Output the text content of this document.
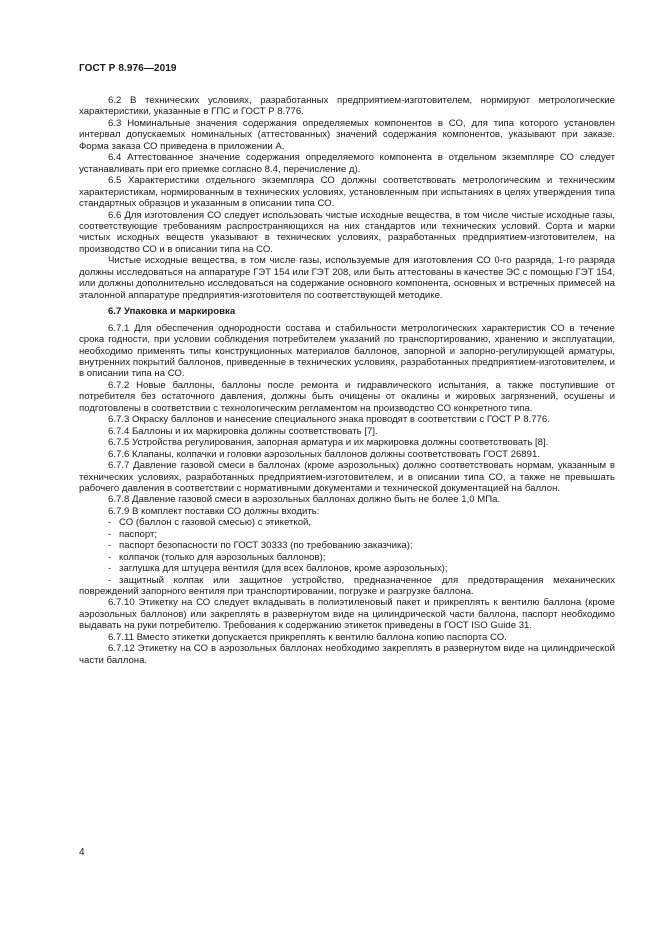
ГОСТ Р 8.976—2019

6.2 В технических условиях, разработанных предприятием-изготовителем, нормируют метрологические характеристики, указанные в ГПС и ГОСТ Р 8.776.

6.3 Номинальные значения содержания определяемых компонентов в СО, для типа которого установлен интервал допускаемых номинальных (аттестованных) значений содержания компонентов, указывают при заказе. Форма заказа СО приведена в приложении А.

6.4 Аттестованное значение содержания определяемого компонента в отдельном экземпляре СО следует устанавливать при его приемке согласно 8.4, перечисление д).

6.5 Характеристики отдельного экземпляра СО должны соответствовать метрологическим и техническим характеристикам, нормированным в технических условиях, установленным при испытаниях в целях утверждения типа стандартных образцов и указанным в описании типа СО.

6.6 Для изготовления СО следует использовать чистые исходные вещества, в том числе чистые исходные газы, соответствующие требованиям распространяющихся на них стандартов или технических условий. Сорта и марки чистых исходных веществ указывают в технических условиях, разработанных предприятием-изготовителем, на производство СО и в описании типа на СО.

Чистые исходные вещества, в том числе газы, используемые для изготовления СО 0-го разряда, 1-го разряда должны исследоваться на аппаратуре ГЭТ 154 или ГЭТ 208, или быть аттестованы в качестве ЭС с помощью ГЭТ 154, или должны дополнительно исследоваться на содержание основного компонента, основных и встречных примесей на эталонной аппаратуре предприятия-изготовителя по соответствующей методике.

6.7 Упаковка и маркировка

6.7.1 Для обеспечения однородности состава и стабильности метрологических характеристик СО в течение срока годности, при условии соблюдения потребителем указаний по транспортированию, хранению и эксплуатации, необходимо применять типы конструкционных материалов баллонов, запорной и запорно-регулирующей арматуры, внутренних покрытий баллонов, приведенные в технических условиях, разработанных предприятием-изготовителем, и в описании типа на СО.

6.7.2 Новые баллоны, баллоны после ремонта и гидравлического испытания, а также поступившие от потребителя без остаточного давления, должны быть очищены от окалины и жировых загрязнений, осушены и подготовлены в соответствии с технологическим регламентом на производство СО конкретного типа.

6.7.3 Окраску баллонов и нанесение специального знака проводят в соответствии с ГОСТ Р 8.776.

6.7.4 Баллоны и их маркировка должны соответствовать [7].

6.7.5 Устройства регулирования, запорная арматура и их маркировка должны соответствовать [8].

6.7.6 Клапаны, колпачки и головки аэрозольных баллонов должны соответствовать ГОСТ 26891.

6.7.7 Давление газовой смеси в баллонах (кроме аэрозольных) должно соответствовать нормам, указанным в технических условиях, разработанных предприятием-изготовителем, и в описании типа СО, а также не превышать рабочего давления в соответствии с нормативными документами и технической документацией на баллон.

6.7.8 Давление газовой смеси в аэрозольных баллонах должно быть не более 1,0 МПа.

6.7.9 В комплект поставки СО должны входить:

- СО (баллон с газовой смесью) с этикеткой,
- паспорт;
- паспорт безопасности по ГОСТ 30333 (по требованию заказчика);
- колпачок (только для аэрозольных баллонов);
- заглушка для штуцера вентиля (для всех баллонов, кроме аэрозольных);
- защитный колпак или защитное устройство, предназначенное для предотвращения механических повреждений запорного вентиля при транспортировании, погрузке и разгрузке баллона.

6.7.10 Этикетку на СО следует вкладывать в полиэтиленовый пакет и прикреплять к вентилю баллона (кроме аэрозольных баллонов) или закреплять в развернутом виде на цилиндрической части баллона, паспорт необходимо выдавать на руки потребителю. Требования к содержанию этикеток приведены в ГОСТ ISO Guide 31.

6.7.11 Вместо этикетки допускается прикреплять к вентилю баллона копию паспорта СО.

6.7.12 Этикетку на СО в аэрозольных баллонах необходимо закреплять в развернутом виде на цилиндрической части баллона.

4
